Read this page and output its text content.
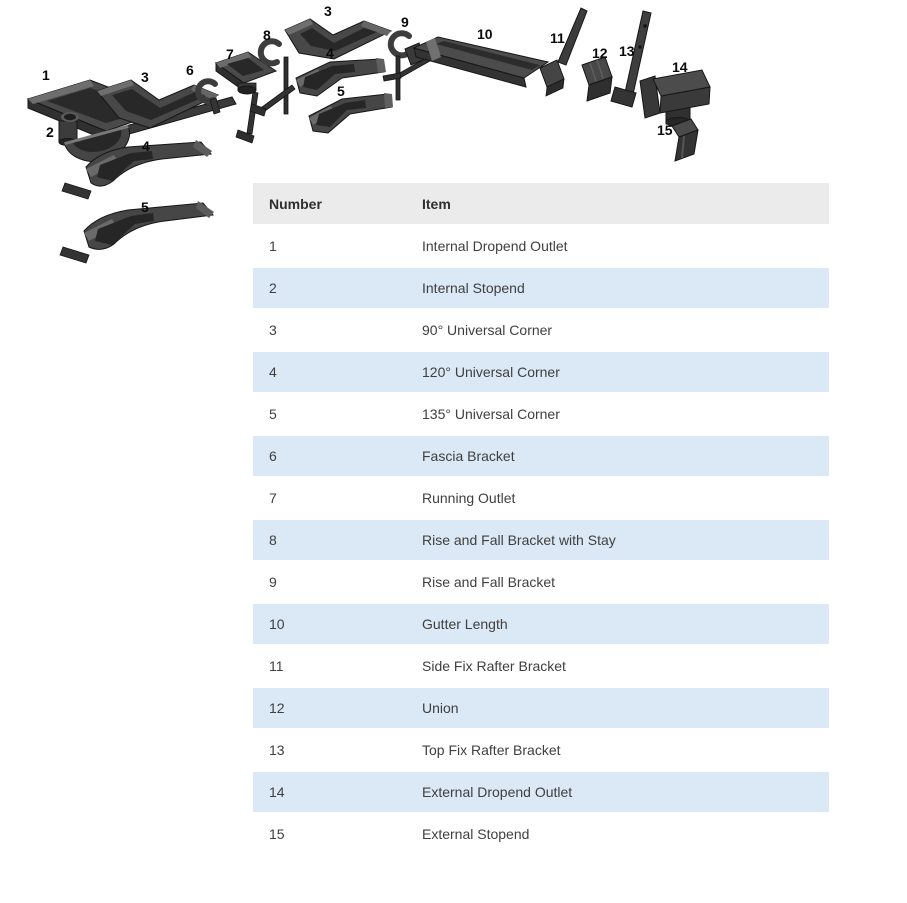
1
2
3
4
5
6
7
8
3
4
5
9
10	11
12 13
14
15
Number	Item
1	Internal Dropend Outlet
2	Internal Stopend
3	90° Universal Corner
4	120° Universal Corner
5	135° Universal Corner
6	Fascia Bracket
7	Running Outlet
8	Rise and Fall Bracket with Stay
9	Rise and Fall Bracket
10	Gutter Length
11	Side Fix Rafter Bracket
12	Union
13	Top Fix Rafter Bracket
14	External Dropend Outlet
15	External Stopend
